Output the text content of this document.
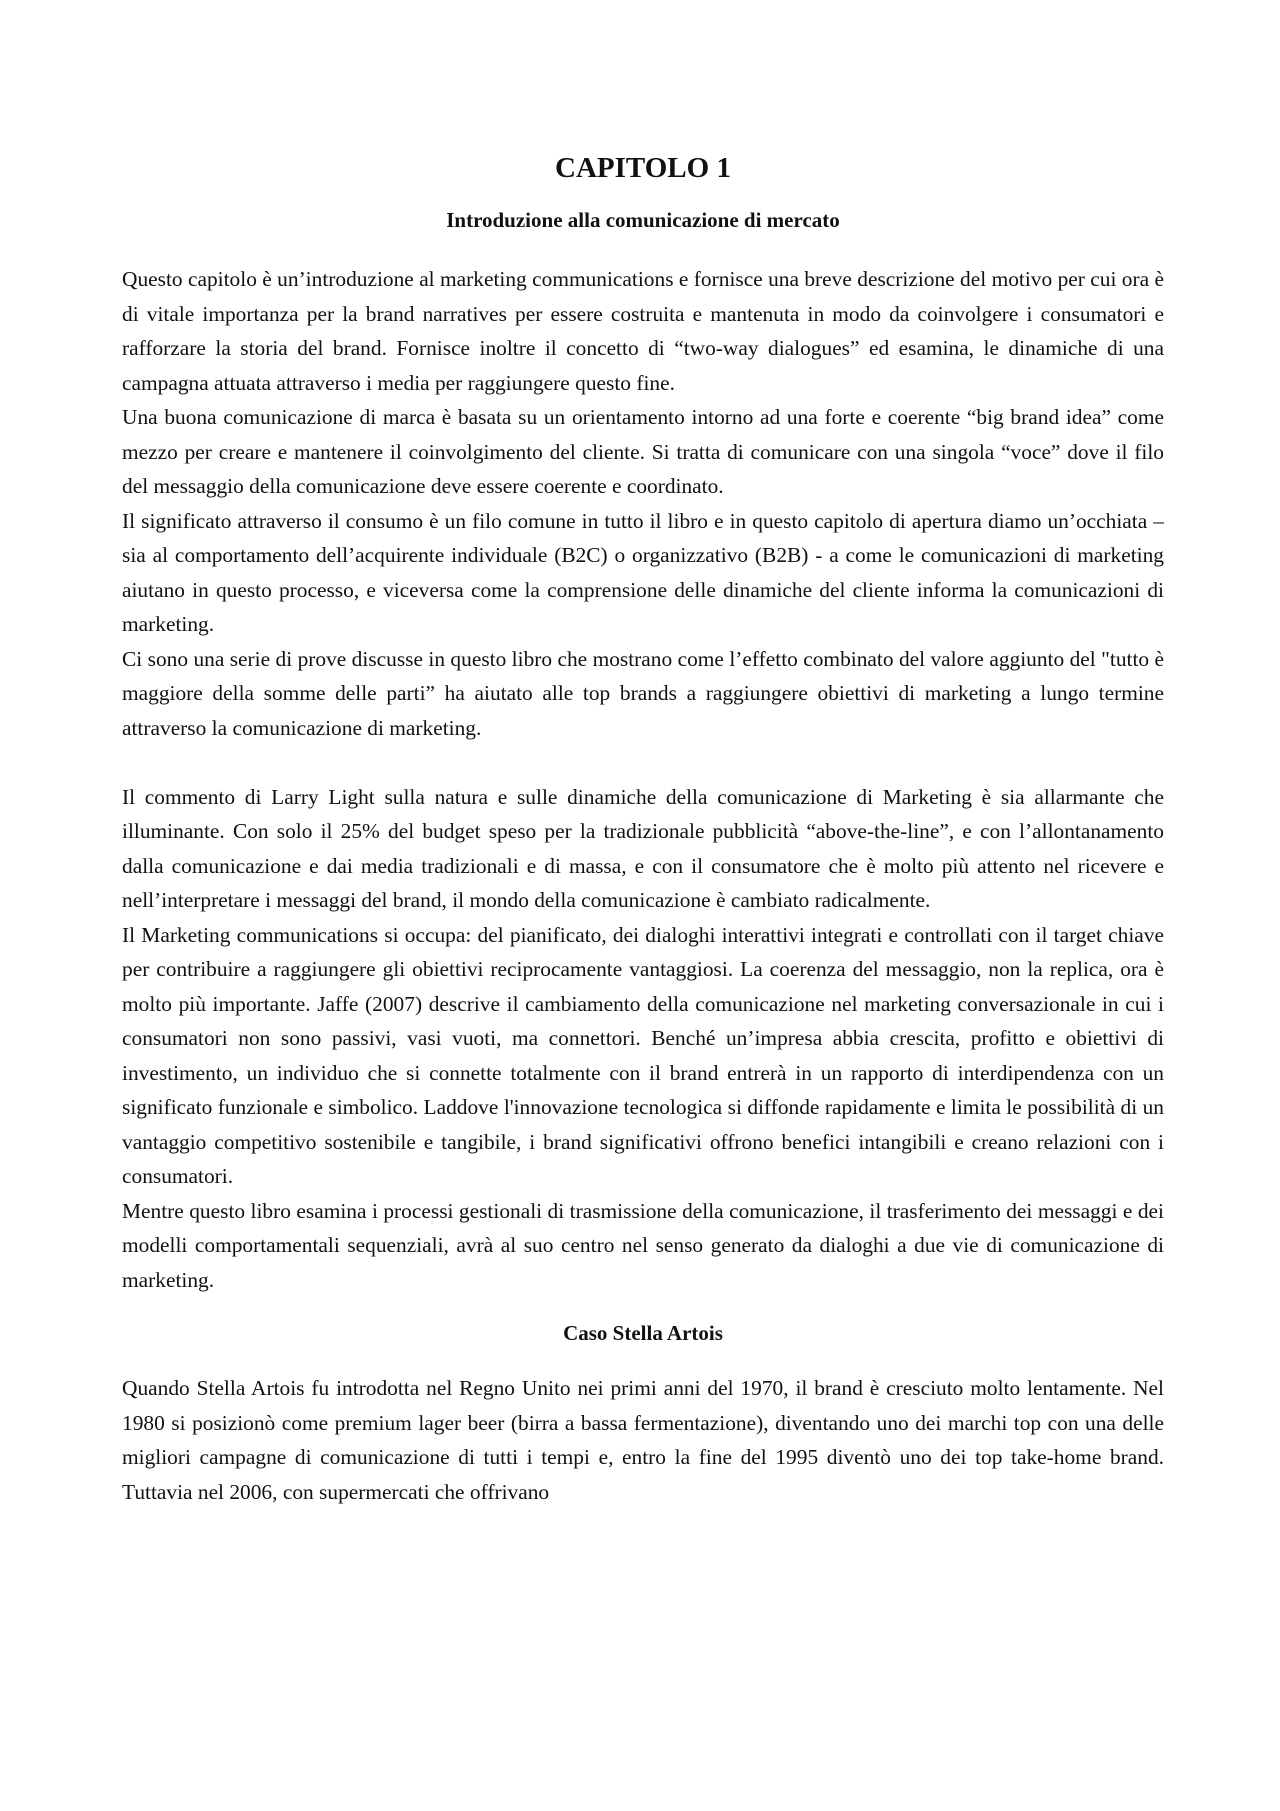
CAPITOLO 1
Introduzione alla comunicazione di mercato

Questo capitolo è un’introduzione al marketing communications e fornisce una breve descrizione del motivo per cui ora è di vitale importanza per la brand narratives per essere costruita e mantenuta in modo da coinvolgere i consumatori e rafforzare la storia del brand. Fornisce inoltre il concetto di “two-way dialogues” ed esamina, le dinamiche di una campagna attuata attraverso i media per raggiungere questo fine.

Una buona comunicazione di marca è basata su un orientamento intorno ad una forte e coerente “big brand idea” come mezzo per creare e mantenere il coinvolgimento del cliente. Si tratta di comunicare con una singola “voce” dove il filo del messaggio della comunicazione deve essere coerente e coordinato.

Il significato attraverso il consumo è un filo comune in tutto il libro e in questo capitolo di apertura diamo un’occhiata – sia al comportamento dell’acquirente individuale (B2C) o organizzativo (B2B) - a come le comunicazioni di marketing aiutano in questo processo, e viceversa come la comprensione delle dinamiche del cliente informa la comunicazioni di marketing.

Ci sono una serie di prove discusse in questo libro che mostrano come l’effetto combinato del valore aggiunto del "tutto è maggiore della somme delle parti” ha aiutato alle top brands a raggiungere obiettivi di marketing a lungo termine attraverso la comunicazione di marketing.

Il commento di Larry Light sulla natura e sulle dinamiche della comunicazione di Marketing è sia allarmante che illuminante. Con solo il 25% del budget speso per la tradizionale pubblicità “above-the-line”, e con l’allontanamento dalla comunicazione e dai media tradizionali e di massa, e con il consumatore che è molto più attento nel ricevere e nell’interpretare i messaggi del brand, il mondo della comunicazione è cambiato radicalmente.

Il Marketing communications si occupa: del pianificato, dei dialoghi interattivi integrati e controllati con il target chiave per contribuire a raggiungere gli obiettivi reciprocamente vantaggiosi. La coerenza del messaggio, non la replica, ora è molto più importante. Jaffe (2007) descrive il cambiamento della comunicazione nel marketing conversazionale in cui i consumatori non sono passivi, vasi vuoti, ma connettori. Benché un’impresa abbia crescita, profitto e obiettivi di investimento, un individuo che si connette totalmente con il brand entrerà in un rapporto di interdipendenza con un significato funzionale e simbolico. Laddove l'innovazione tecnologica si diffonde rapidamente e limita le possibilità di un vantaggio competitivo sostenibile e tangibile, i brand significativi offrono benefici intangibili e creano relazioni con i consumatori.

Mentre questo libro esamina i processi gestionali di trasmissione della comunicazione, il trasferimento dei messaggi e dei modelli comportamentali sequenziali, avrà al suo centro nel senso generato da dialoghi a due vie di comunicazione di marketing.

Caso Stella Artois

Quando Stella Artois fu introdotta nel Regno Unito nei primi anni del 1970, il brand è cresciuto molto lentamente. Nel 1980 si posizionò come premium lager beer (birra a bassa fermentazione), diventando uno dei marchi top con una delle migliori campagne di comunicazione di tutti i tempi e, entro la fine del 1995 diventò uno dei top take-home brand. Tuttavia nel 2006, con supermercati che offrivano
